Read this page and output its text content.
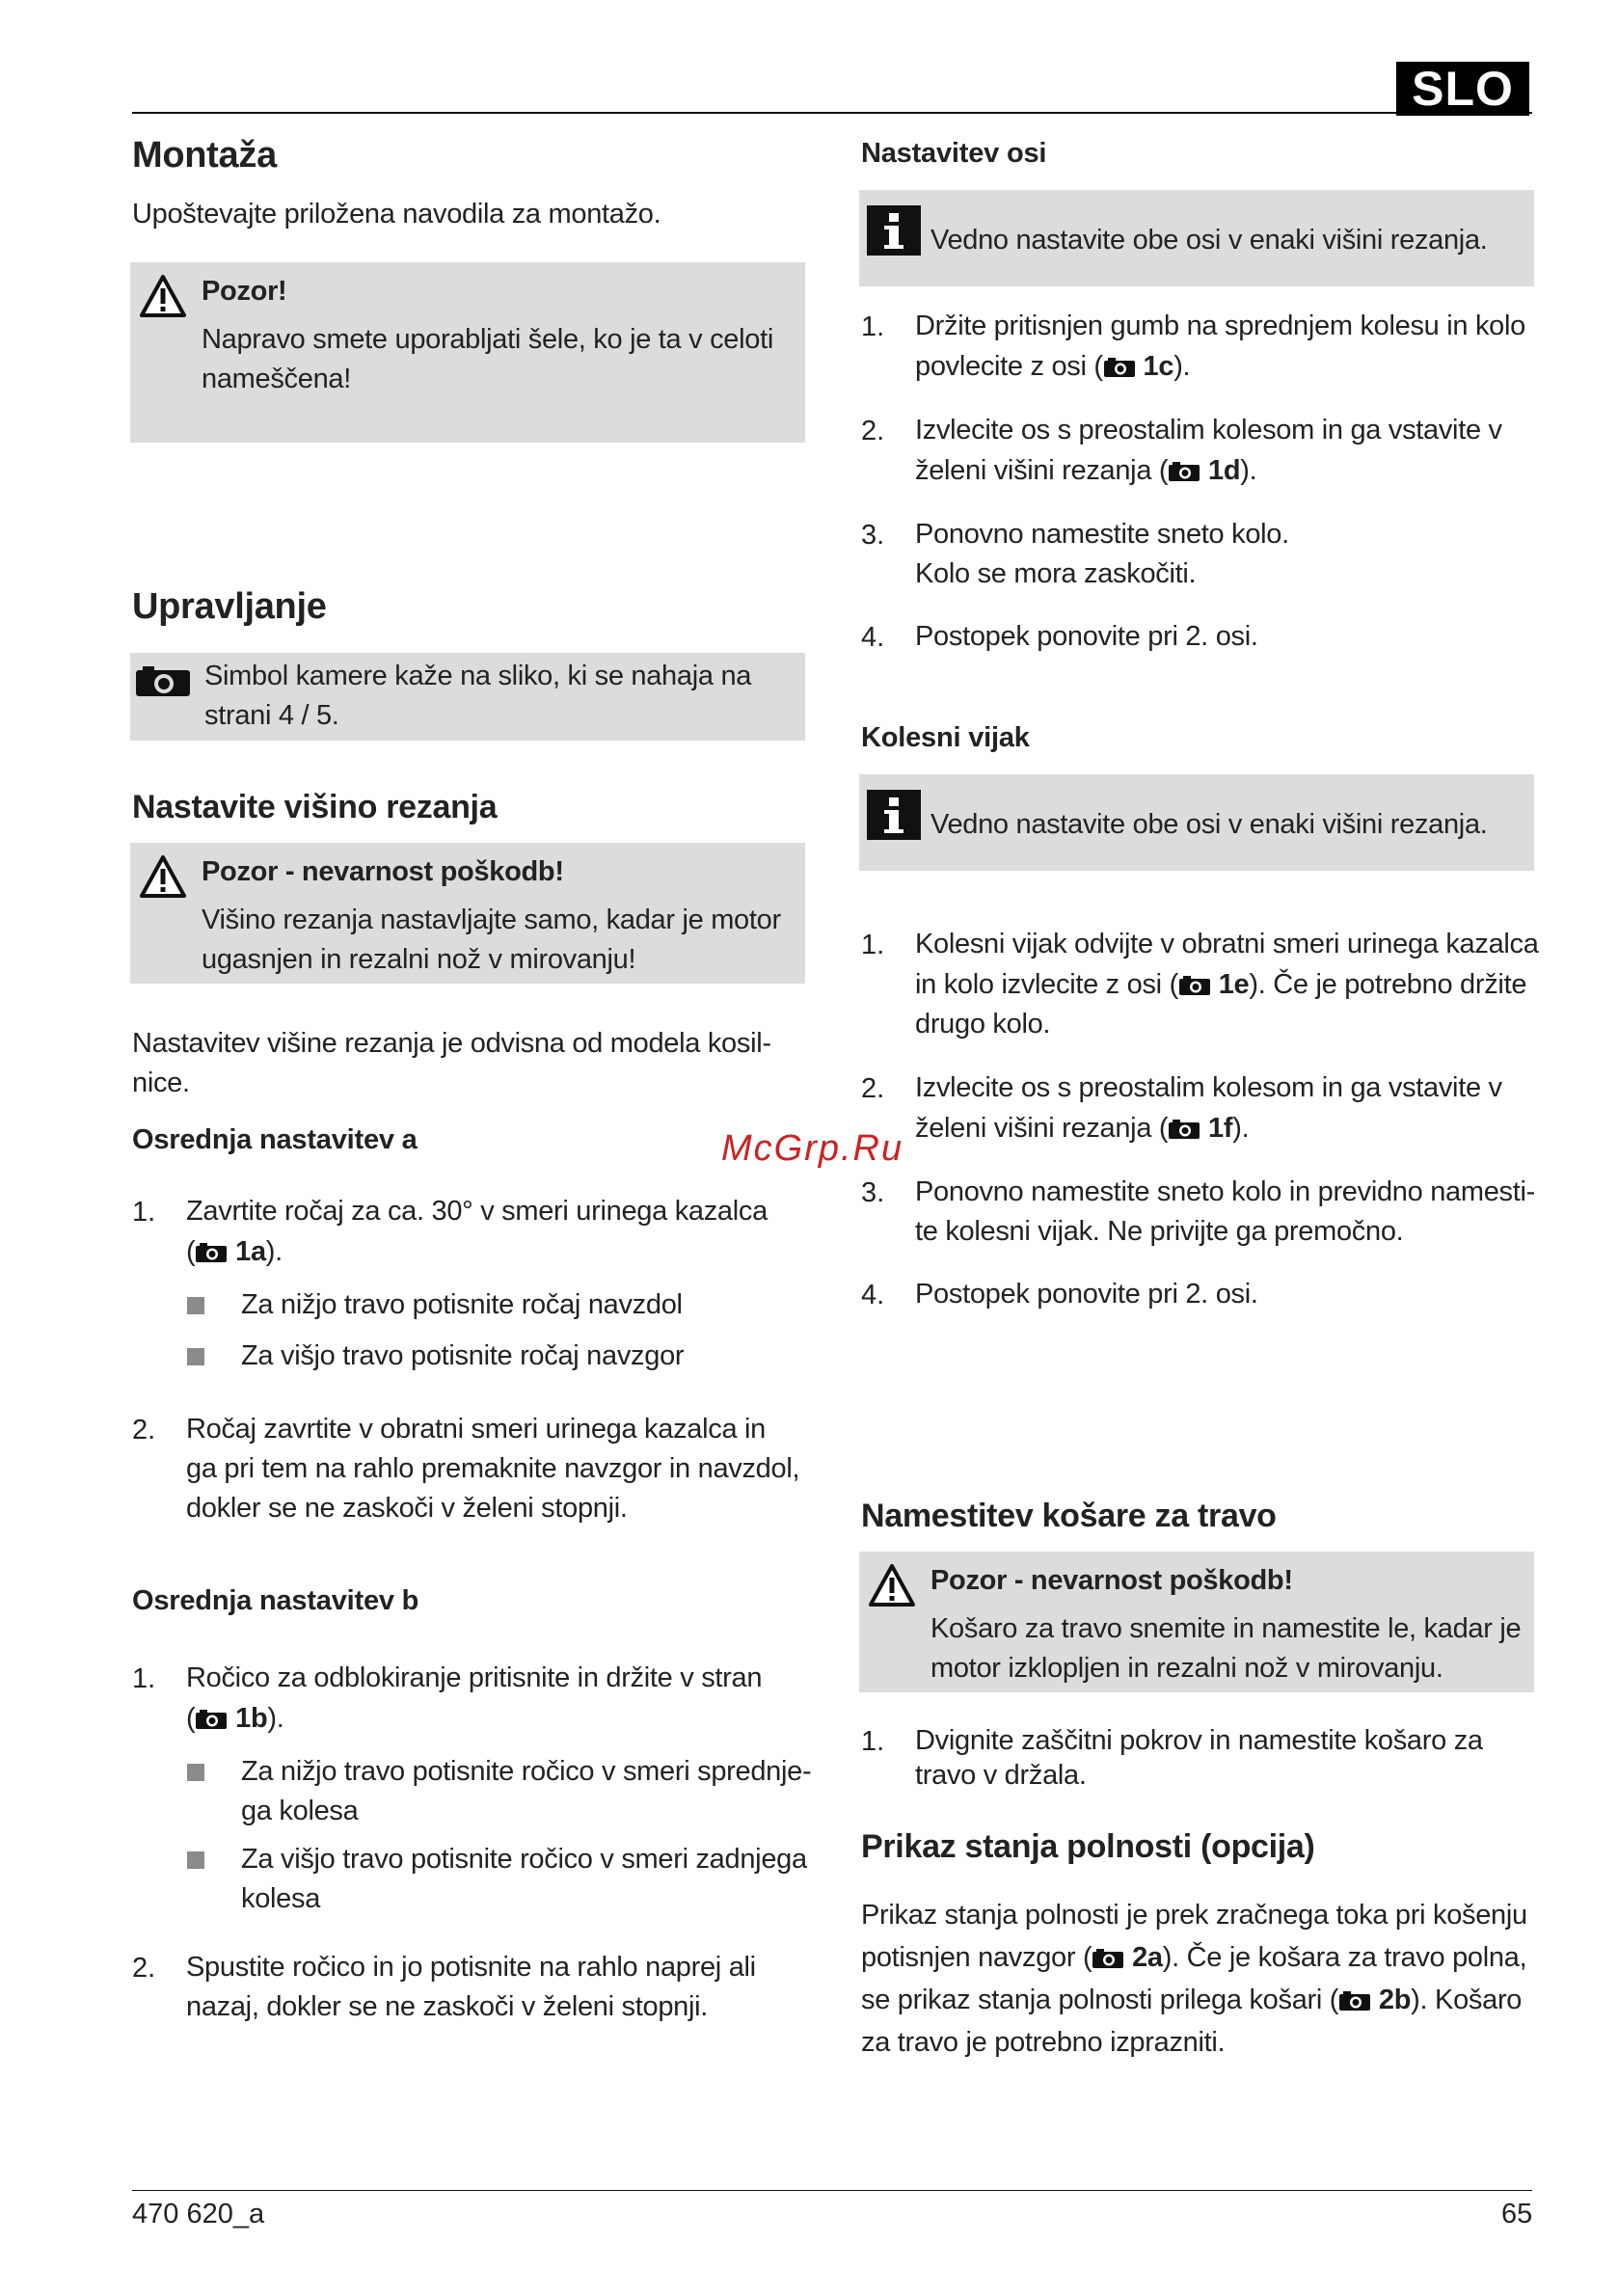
SLO
Montaža
Upoštevajte priložena navodila za montažo.
Pozor!
Napravo smete uporabljati šele, ko je ta v celoti
nameščena!
Upravljanje
Simbol kamere kaže na sliko, ki se nahaja na
strani 4 / 5.
Nastavite višino rezanja
Pozor - nevarnost poškodb!
Višino rezanja nastavljajte samo, kadar je motor
ugasnjen in rezalni nož v mirovanju!
Nastavitev višine rezanja je odvisna od modela kosil-
nice.
Osrednja nastavitev a
1. Zavrtite ročaj za ca. 30° v smeri urinega kazalca
( 1a).
Za nižjo travo potisnite ročaj navzdol
Za višjo travo potisnite ročaj navzgor
2. Ročaj zavrtite v obratni smeri urinega kazalca in
ga pri tem na rahlo premaknite navzgor in navzdol,
dokler se ne zaskoči v želeni stopnji.
Osrednja nastavitev b
1. Ročico za odblokiranje pritisnite in držite v stran
( 1b).
Za nižjo travo potisnite ročico v smeri sprednje-
ga kolesa
Za višjo travo potisnite ročico v smeri zadnjega
kolesa
2. Spustite ročico in jo potisnite na rahlo naprej ali
nazaj, dokler se ne zaskoči v želeni stopnji.
Nastavitev osi
Vedno nastavite obe osi v enaki višini rezanja.
1. Držite pritisnjen gumb na sprednjem kolesu in kolo
povlecite z osi ( 1c).
2. Izvlecite os s preostalim kolesom in ga vstavite v
želeni višini rezanja ( 1d).
3. Ponovno namestite sneto kolo.
Kolo se mora zaskočiti.
4. Postopek ponovite pri 2. osi.
Kolesni vijak
Vedno nastavite obe osi v enaki višini rezanja.
1. Kolesni vijak odvijte v obratni smeri urinega kazalca
in kolo izvlecite z osi ( 1e). Če je potrebno držite
drugo kolo.
2. Izvlecite os s preostalim kolesom in ga vstavite v
želeni višini rezanja ( 1f).
3. Ponovno namestite sneto kolo in previdno namesti-
te kolesni vijak. Ne privijte ga premočno.
4. Postopek ponovite pri 2. osi.
Namestitev košare za travo
Pozor - nevarnost poškodb!
Košaro za travo snemite in namestite le, kadar je
motor izklopljen in rezalni nož v mirovanju.
1. Dvignite zaščitni pokrov in namestite košaro za
travo v držala.
Prikaz stanja polnosti (opcija)
Prikaz stanja polnosti je prek zračnega toka pri košenju
potisnjen navzgor ( 2a). Če je košara za travo polna,
se prikaz stanja polnosti prilega košari ( 2b). Košaro
za travo je potrebno izprazniti.
McGrp.Ru
470 620_a	65
